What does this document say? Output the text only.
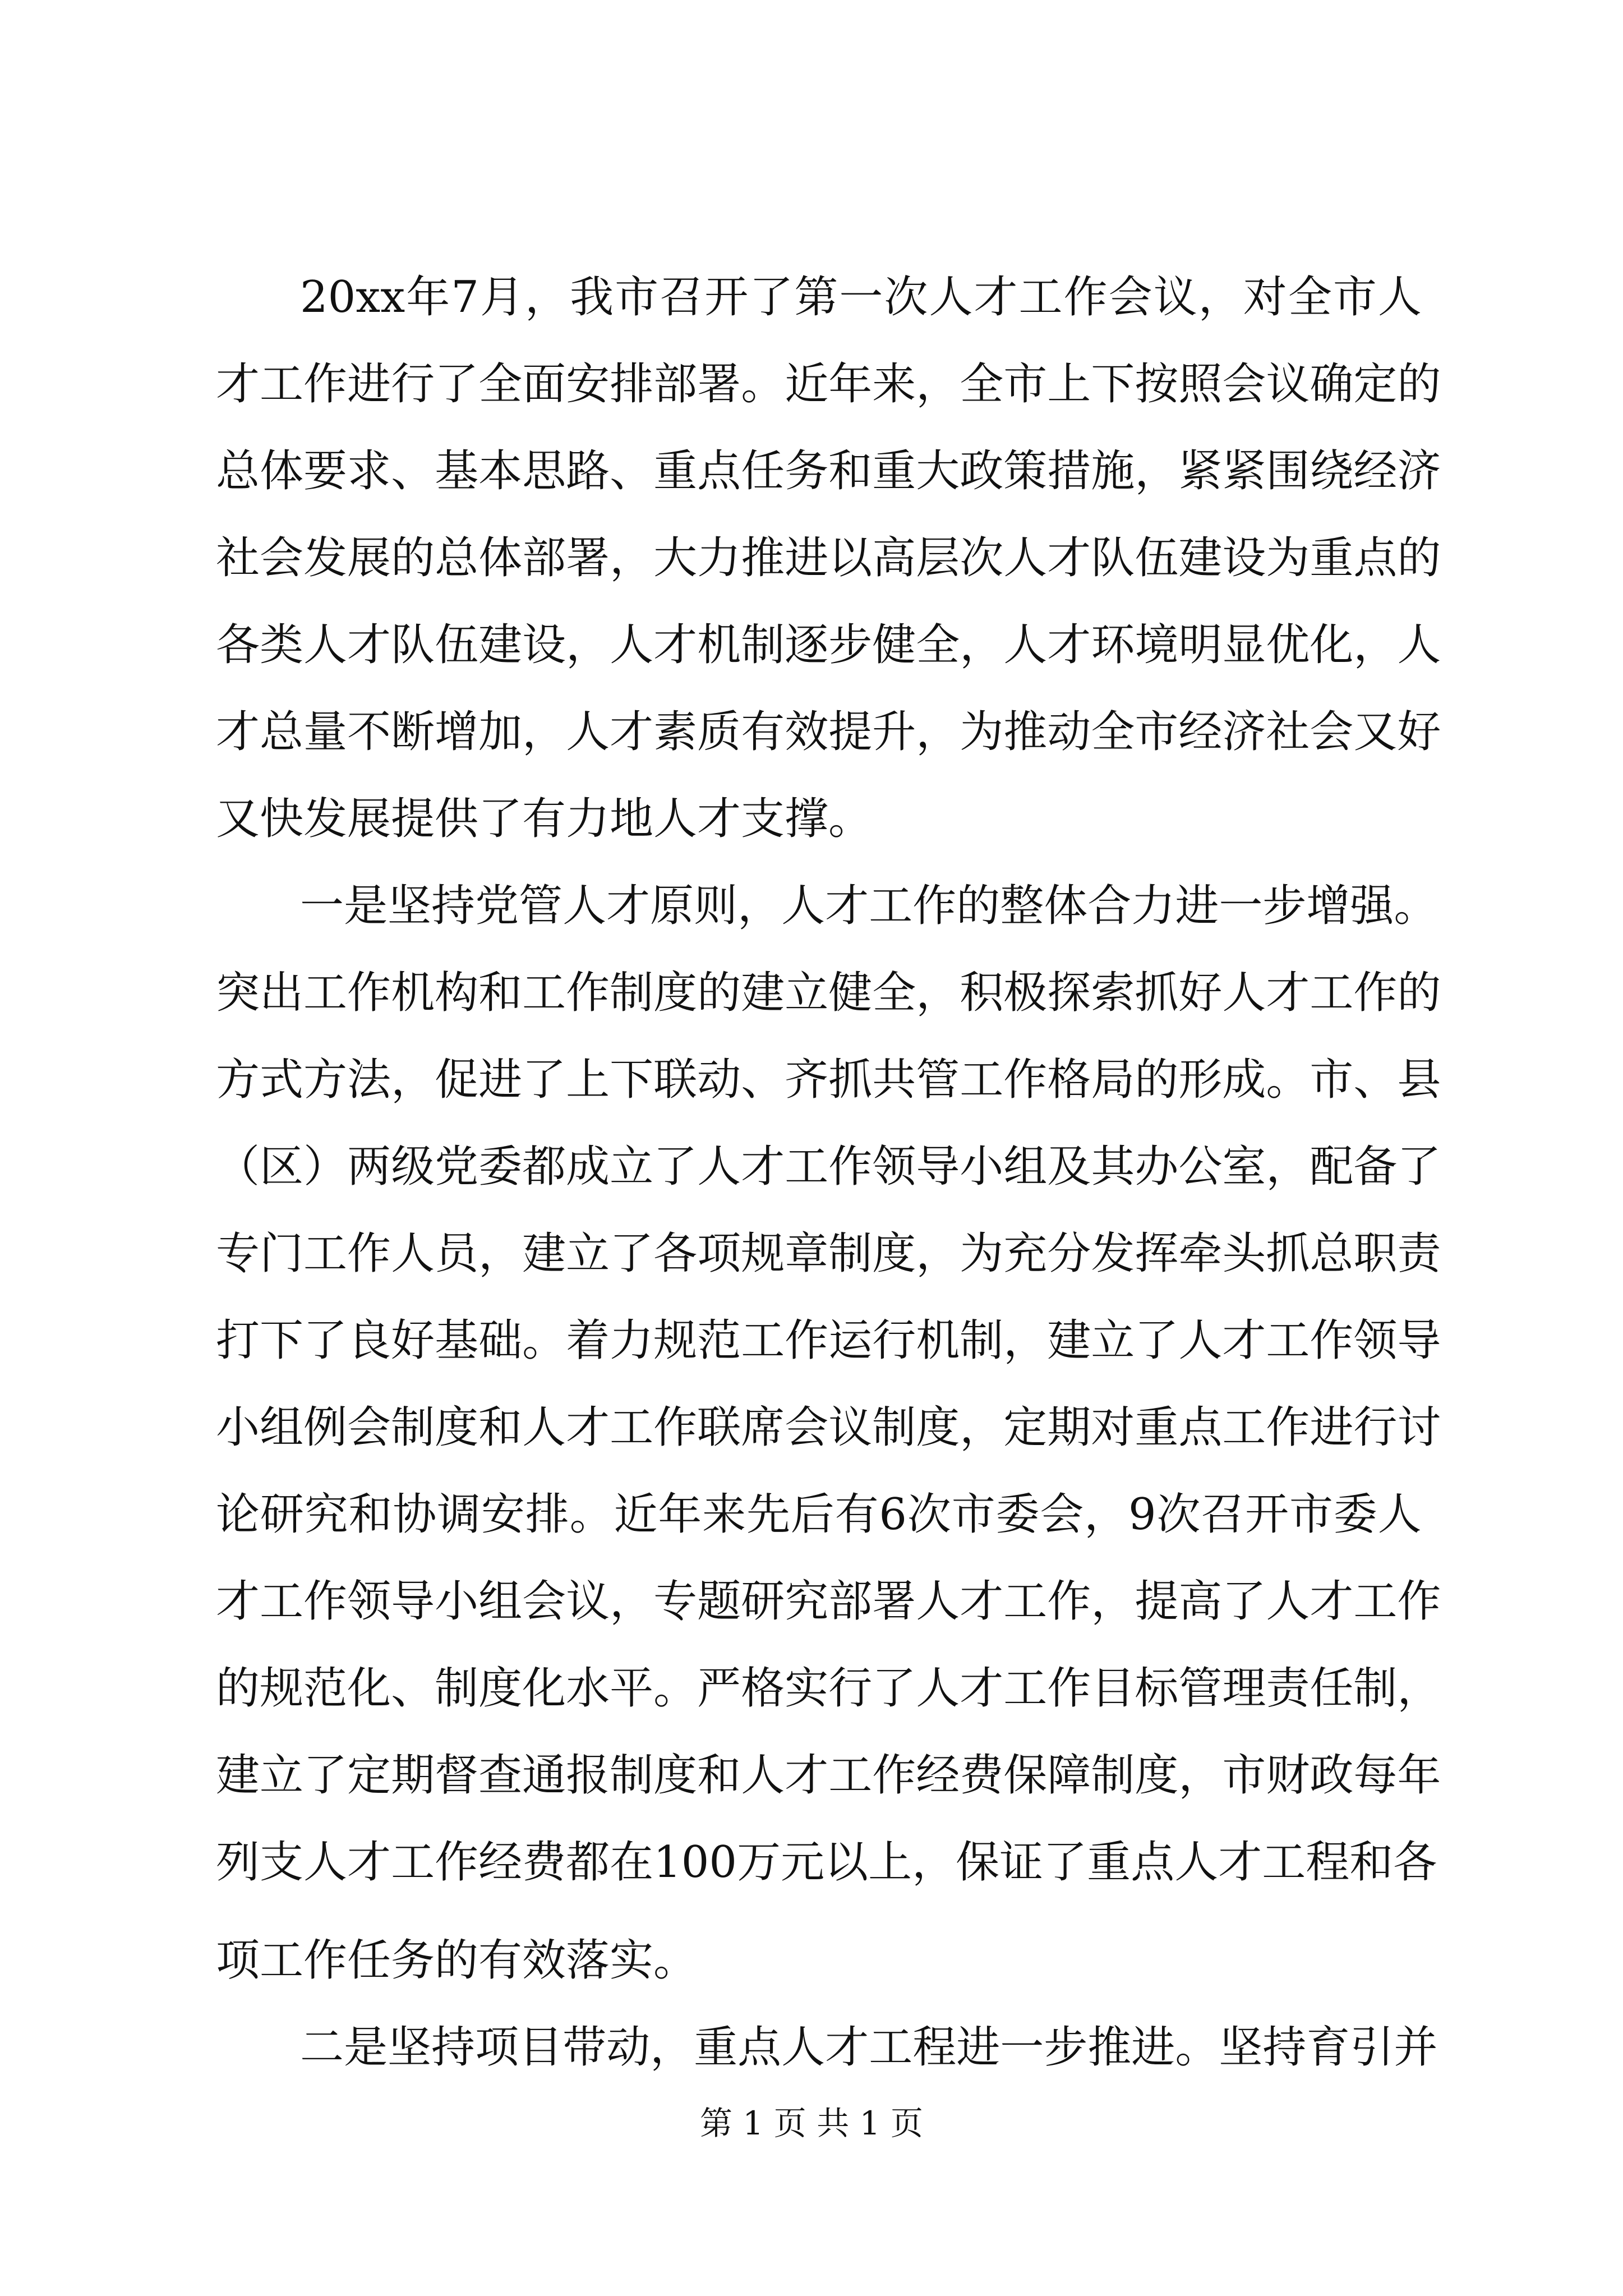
20xx 年 7 月 ， 我 市 召 开 了 第 一 次 人 才 工 作 会 议 ， 对 全 市 人
才 工 作 进 行 了 全 面 安 排 部 署 。 近 年 来 ， 全 市 上 下 按 照 会 议 确 定 的
总 体 要 求 、 基 本 思 路 、 重 点 任 务 和 重 大 政 策 措 施 ， 紧 紧 围 绕 经 济
社 会 发 展 的 总 体 部 署 ， 大 力 推 进 以 高 层 次 人 才 队 伍 建 设 为 重 点 的
各 类 人 才 队 伍 建 设 ， 人 才 机 制 逐 步 健 全 ， 人 才 环 境 明 显 优 化 ， 人
才 总 量 不 断 增 加 ， 人 才 素 质 有 效 提 升 ， 为 推 动 全 市 经 济 社 会 又 好
又快发展提供了有力地人才支撑。
一 是 坚 持 党 管 人 才 原 则 ， 人 才 工 作 的 整 体 合 力 进 一 步 增 强 。
突 出 工 作 机 构 和 工 作 制 度 的 建 立 健 全 ， 积 极 探 索 抓 好 人 才 工 作 的
方 式 方 法 ， 促 进 了 上 下 联 动 、 齐 抓 共 管 工 作 格 局 的 形 成 。 市 、 县
（ 区 ） 两 级 党 委 都 成 立 了 人 才 工 作 领 导 小 组 及 其 办 公 室 ， 配 备 了
专 门 工 作 人 员 ， 建 立 了 各 项 规 章 制 度 ， 为 充 分 发 挥 牵 头 抓 总 职 责
打 下 了 良 好 基 础 。 着 力 规 范 工 作 运 行 机 制 ， 建 立 了 人 才 工 作 领 导
小 组 例 会 制 度 和 人 才 工 作 联 席 会 议 制 度 ， 定 期 对 重 点 工 作 进 行 讨
论 研 究 和 协 调 安 排 。 近 年 来 先 后 有 6 次 市 委 会 ， 9 次 召 开 市 委 人
才 工 作 领 导 小 组 会 议 ， 专 题 研 究 部 署 人 才 工 作 ， 提 高 了 人 才 工 作
的 规 范 化 、 制 度 化 水 平 。 严 格 实 行 了 人 才 工 作 目 标 管 理 责 任 制 ，
建 立 了 定 期 督 查 通 报 制 度 和 人 才 工 作 经 费 保 障 制 度 ， 市 财 政 每 年
列 支 人 才 工 作 经 费 都 在 100 万 元 以 上 ， 保 证 了 重 点 人 才 工 程 和 各
项工作任务的有效落实。
二 是 坚 持 项 目 带 动 ， 重 点 人 才 工 程 进 一 步 推 进 。 坚 持 育 引 并
第 1 页 共 1 页
